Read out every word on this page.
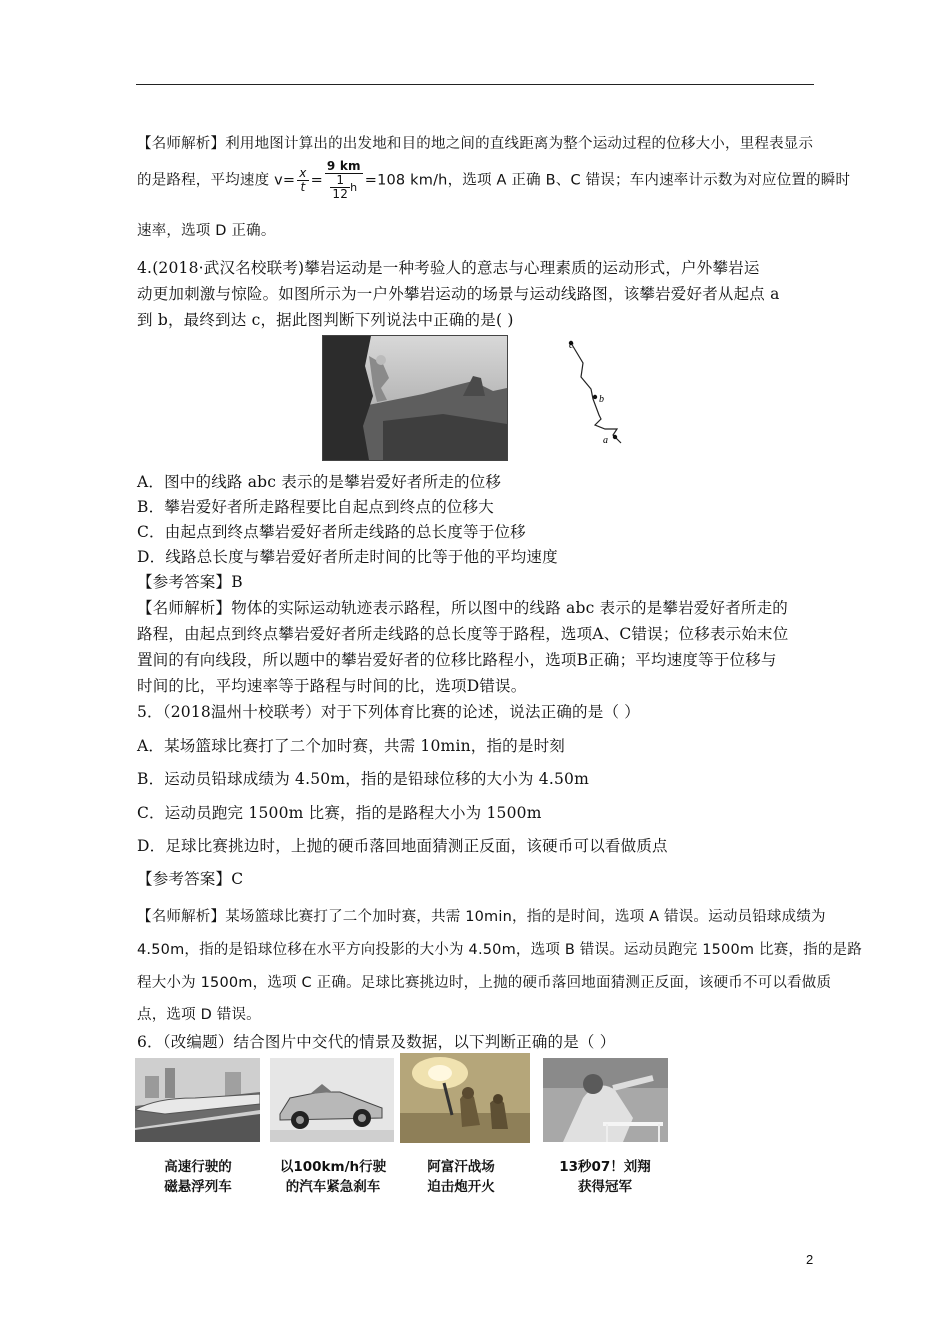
【名师解析】利用地图计算出的出发地和目的地之间的直线距离为整个运动过程的位移大小，里程表显示
的是路程，平均速度 $v= \frac{x}{t} = \frac{9 km}{\frac{1}{12} h} =108$ km/h，选项 A 正确 B、C 错误；车内速率计示数为对应位置的瞬时
速率，选项 D 正确。
4.(2018·武汉名校联考)攀岩运动是一种考验人的意志与心理素质的运动形式，户外攀岩运
动更加刺激与惊险。如图所示为一户外攀岩运动的场景与运动线路图，该攀岩爱好者从起点 a
到 b，最终到达 c，据此图判断下列说法中正确的是( )
c
b
a
A．图中的线路 abc 表示的是攀岩爱好者所走的位移
B．攀岩爱好者所走路程要比自起点到终点的位移大
C．由起点到终点攀岩爱好者所走线路的总长度等于位移
D．线路总长度与攀岩爱好者所走时间的比等于他的平均速度
【参考答案】B
【名师解析】物体的实际运动轨迹表示路程，所以图中的线路 abc 表示的是攀岩爱好者所走的
路程，由起点到终点攀岩爱好者所走线路的总长度等于路程，选项A、C错误；位移表示始末位
置间的有向线段，所以题中的攀岩爱好者的位移比路程小，选项B正确；平均速度等于位移与
时间的比，平均速率等于路程与时间的比，选项D错误。
5．（2018温州十校联考）对于下列体育比赛的论述，说法正确的是（ ）
A．某场篮球比赛打了二个加时赛，共需 10min，指的是时刻
B．运动员铅球成绩为 4.50m，指的是铅球位移的大小为 4.50m
C．运动员跑完 1500m 比赛，指的是路程大小为 1500m
D．足球比赛挑边时，上抛的硬币落回地面猜测正反面，该硬币可以看做质点
【参考答案】C
【名师解析】某场篮球比赛打了二个加时赛，共需 10min，指的是时间，选项 A 错误。运动员铅球成绩为
4.50m，指的是铅球位移在水平方向投影的大小为 4.50m，选项 B 错误。运动员跑完 1500m 比赛，指的是路
程大小为 1500m，选项 C 正确。足球比赛挑边时，上抛的硬币落回地面猜测正反面，该硬币不可以看做质
点，选项 D 错误。
6．（改编题）结合图片中交代的情景及数据，以下判断正确的是（ ）
高速行驶的
磁悬浮列车
以100km/h行驶
的汽车紧急刹车
阿富汗战场
迫击炮开火
13秒07！刘翔
获得冠军
2
